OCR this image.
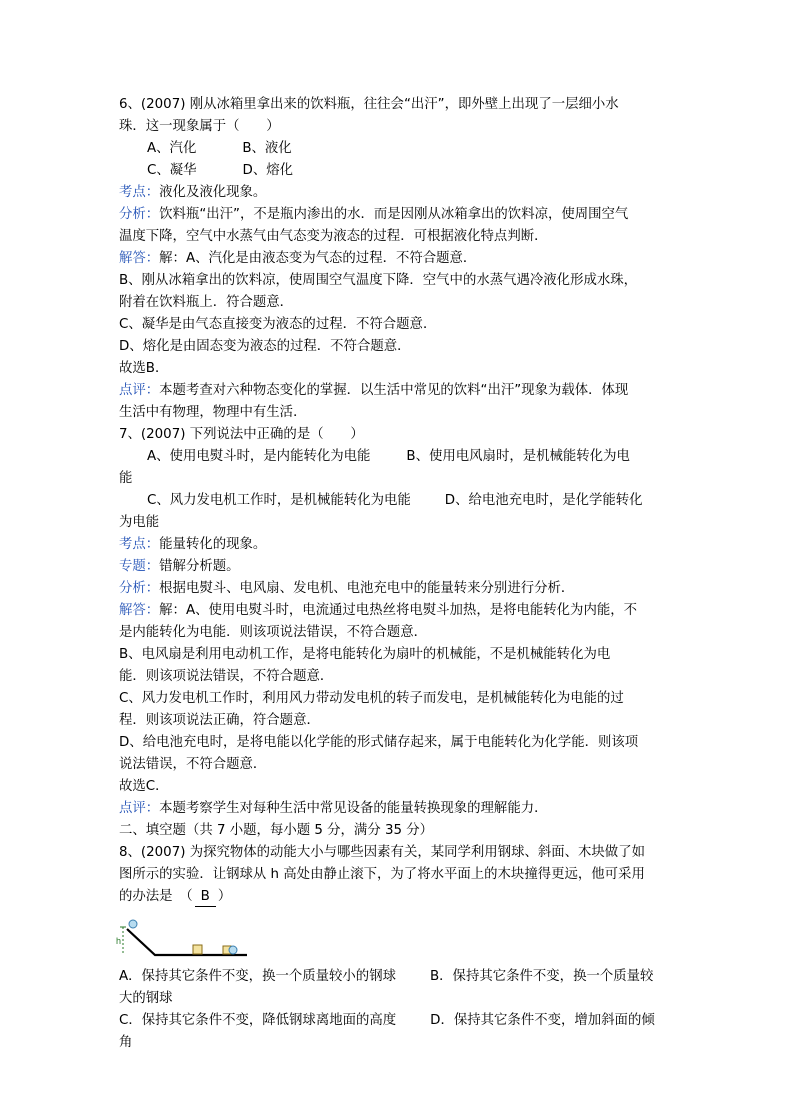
6、(2007) 刚从冰箱里拿出来的饮料瓶，往往会“出汗”，即外壁上出现了一层细小水
珠．这一现象属于（　　）
A、汽化	B、液化
C、凝华	D、熔化
考点：液化及液化现象。
分析：饮料瓶“出汗”，不是瓶内渗出的水．而是因刚从冰箱拿出的饮料凉，使周围空气
温度下降，空气中水蒸气由气态变为液态的过程．可根据液化特点判断．
解答：解：A、汽化是由液态变为气态的过程．不符合题意．
B、刚从冰箱拿出的饮料凉，使周围空气温度下降．空气中的水蒸气遇冷液化形成水珠，
附着在饮料瓶上．符合题意．
C、凝华是由气态直接变为液态的过程．不符合题意．
D、熔化是由固态变为液态的过程．不符合题意．
故选B．
点评：本题考查对六种物态变化的掌握．以生活中常见的饮料“出汗”现象为载体．体现
生活中有物理，物理中有生活．
7、(2007) 下列说法中正确的是（　　）
A、使用电熨斗时，是内能转化为电能	B、使用电风扇时，是机械能转化为电
能
C、风力发电机工作时，是机械能转化为电能	D、给电池充电时，是化学能转化
为电能
考点：能量转化的现象。
专题：错解分析题。
分析：根据电熨斗、电风扇、发电机、电池充电中的能量转来分别进行分析．
解答：解：A、使用电熨斗时，电流通过电热丝将电熨斗加热，是将电能转化为内能，不
是内能转化为电能．则该项说法错误，不符合题意．
B、电风扇是利用电动机工作，是将电能转化为扇叶的机械能，不是机械能转化为电
能．则该项说法错误，不符合题意．
C、风力发电机工作时，利用风力带动发电机的转子而发电，是机械能转化为电能的过
程．则该项说法正确，符合题意．
D、给电池充电时，是将电能以化学能的形式储存起来，属于电能转化为化学能．则该项
说法错误，不符合题意．
故选C．
点评：本题考察学生对每种生活中常见设备的能量转换现象的理解能力．
二、填空题（共 7 小题，每小题 5 分，满分 35 分）
8、(2007) 为探究物体的动能大小与哪些因素有关，某同学利用钢球、斜面、木块做了如
图所示的实验．让钢球从 h 高处由静止滚下，为了将水平面上的木块撞得更远，他可采用
的办法是　（ B ）
h
A．保持其它条件不变，换一个质量较小的钢球	B．保持其它条件不变，换一个质量较
大的钢球
C．保持其它条件不变，降低钢球离地面的高度	D．保持其它条件不变，增加斜面的倾
角
